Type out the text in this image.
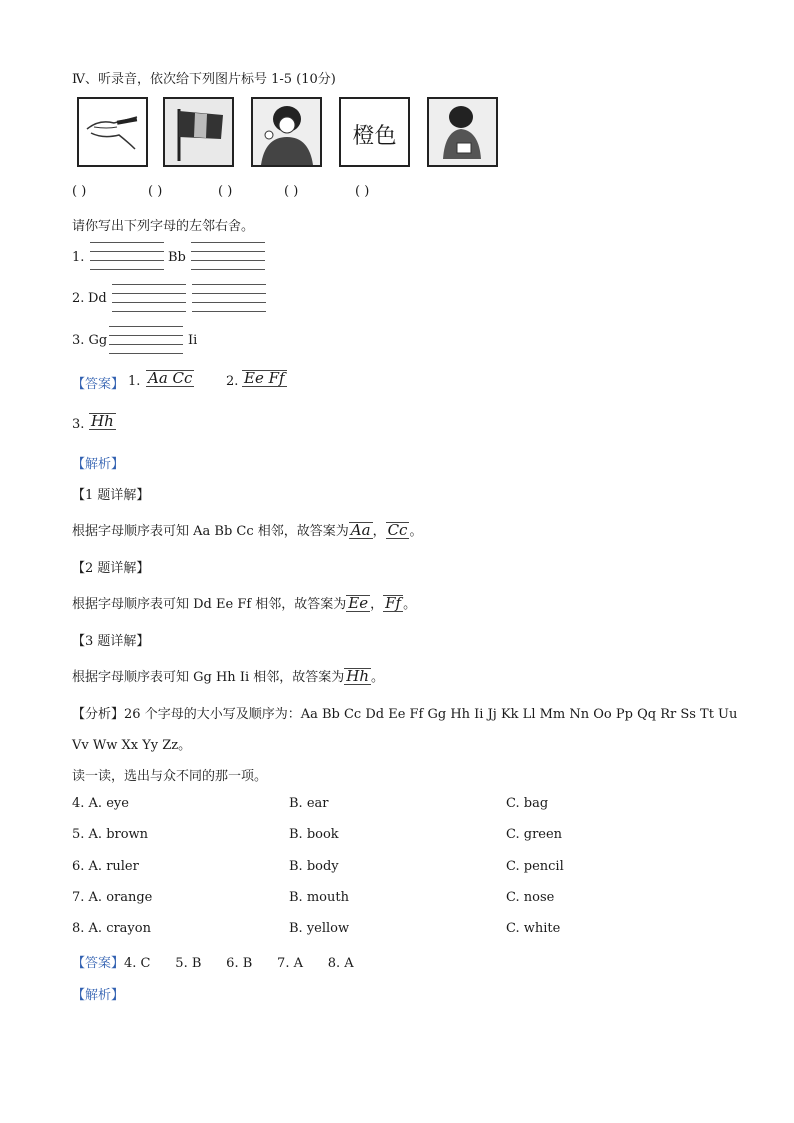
Ⅳ、听录音，依次给下列图片标号 1-5 (10分)
橙色
( )	( )	( )	( )	( )
请你写出下列字母的左邻右舍。
1.	Bb
2. Dd
3. Gg	Ii
【答案】 1. Aa Cc	2. Ee Ff
3. Hh
【解析】
【1 题详解】
根据字母顺序表可知 Aa Bb Cc 相邻，故答案为 Aa ， Cc 。
【2 题详解】
根据字母顺序表可知 Dd Ee Ff 相邻，故答案为 Ee ， Ff 。
【3 题详解】
根据字母顺序表可知 Gg Hh Ii 相邻，故答案为 Hh 。
【分析】26 个字母的大小写及顺序为：Aa Bb Cc Dd Ee Ff Gg Hh Ii Jj Kk Ll Mm Nn Oo Pp Qq Rr Ss Tt Uu
Vv Ww Xx Yy Zz。
读一读，选出与众不同的那一项。
4. A. eye	B. ear	C. bag
5. A. brown	B. book	C. green
6. A. ruler	B. body	C. pencil
7. A. orange	B. mouth	C. nose
8. A. crayon	B. yellow	C. white
【答案】4. C      5. B      6. B      7. A      8. A
【解析】
